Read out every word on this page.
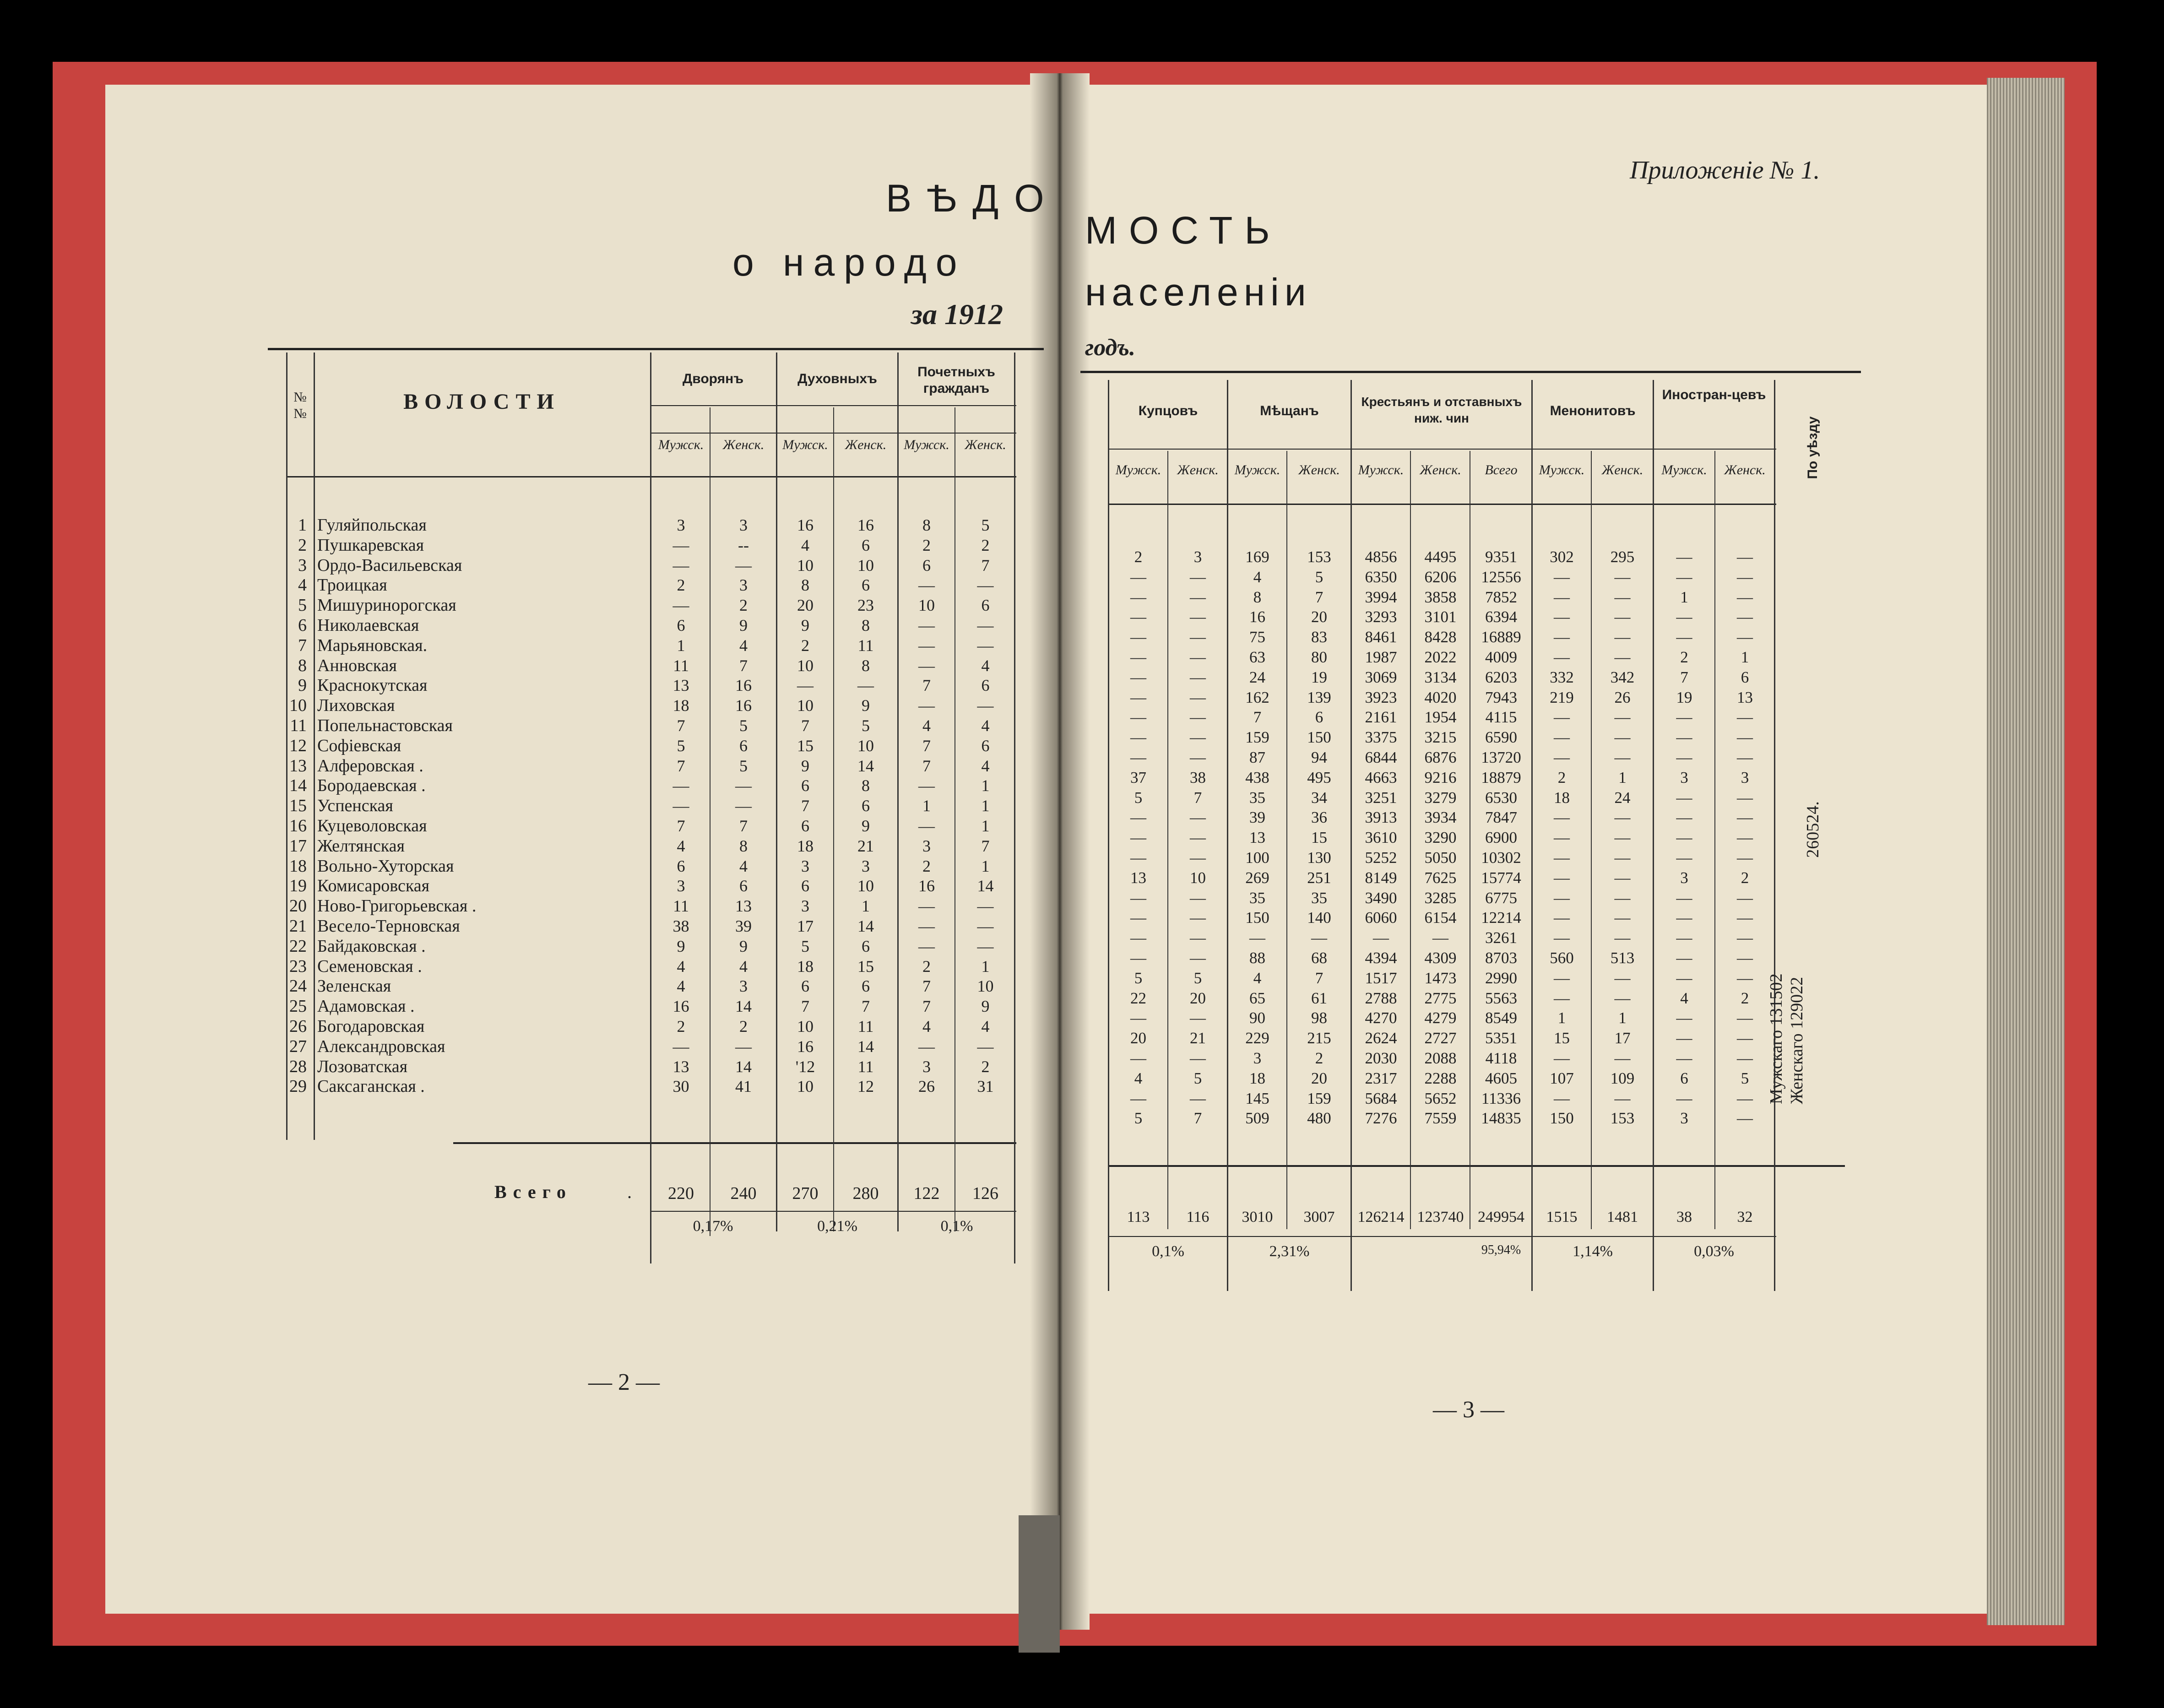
ВѢДО
о народо
за 1912
Приложеніе № 1.
МОСТЬ
населеніи
годъ.
№ №	ВОЛОСТИ
Дворянъ	Духовныхъ	Почетныхъ гражданъ
Мужск.	Женск.	Мужск.	Женск.	Мужск.	Женск.
1 Гуляйпольская	3	3	16	16	8	5
2 Пушкаревская	—	--	4	6	2	2
3 Ордо-Васильевская	—	—	10	10	6	7
4 Троицкая	2	3	8	6	—	—
5 Мишуринорогская	—	2	20	23	10	6
6 Николаевская	6	9	9	8	—	—
7 Марьяновская.	1	4	2	11	—	—
8 Анновская	11	7	10	8	—	4
9 Краснокутская	13	16	—	—	7	6
10 Лиховская	18	16	10	9	—	—
11 Попельнастовская	7	5	7	5	4	4
12 Софіевская	5	6	15	10	7	6
13 Алферовская .	7	5	9	14	7	4
14 Бородаевская .	—	—	6	8	—	1
15 Успенская	—	—	7	6	1	1
16 Куцеволовская	7	7	6	9	—	1
17 Желтянская	4	8	18	21	3	7
18 Вольно-Хуторская	6	4	3	3	2	1
19 Комисаровская	3	6	6	10	16	14
20 Ново-Григорьевская .	11	13	3	1	—	—
21 Весело-Терновская	38	39	17	14	—	—
22 Байдаковская .	9	9	5	6	—	—
23 Семеновская .	4	4	18	15	2	1
24 Зеленская	4	3	6	6	7	10
25 Адамовская .	16	14	7	7	7	9
26 Богодаровская	2	2	10	11	4	4
27 Александровская	—	—	16	14	—	—
28 Лозоватская	13	14	'12	11	3	2
29 Саксаганская .	30	41	10	12	26	31
Всего	.	220	240	270	280	122	126
0,17%	0,21%	0,1%
— 2 —
Купцовъ	Мѣщанъ
Крестьянъ и отставныхъ ниж. чин	Менонитовъ
Иностран-цевъ
По уѣзду
Мужск.	Женск.	Мужск.	Женск.	Мужск.	Женск.	Всего	Мужск.	Женск.	Мужск.	Женск.
2	3	169	153	4856	4495	9351	302	295	—	—
—	—	4	5	6350	6206	12556	—	—	—	—
—	—	8	7	3994	3858	7852	—	—	1	—
—	—	16	20	3293	3101	6394	—	—	—	—
—	—	75	83	8461	8428	16889	—	—	—	—
—	—	63	80	1987	2022	4009	—	—	2	1
—	—	24	19	3069	3134	6203	332	342	7	6
—	—	162	139	3923	4020	7943	219	26	19	13
—	—	7	6	2161	1954	4115	—	—	—	—
—	—	159	150	3375	3215	6590	—	—	—	—
—	—	87	94	6844	6876	13720	—	—	—	—
37	38	438	495	4663	9216	18879	2	1	3	3
5	7	35	34	3251	3279	6530	18	24	—	—
—	—	39	36	3913	3934	7847	—	—	—	—
—	—	13	15	3610	3290	6900	—	—	—	—
—	—	100	130	5252	5050	10302	—	—	—	—
13	10	269	251	8149	7625	15774	—	—	3	2
—	—	35	35	3490	3285	6775	—	—	—	—
—	—	150	140	6060	6154	12214	—	—	—	—
—	—	—	—	—	—	3261	—	—	—	—
—	—	88	68	4394	4309	8703	560	513	—	—
5	5	4	7	1517	1473	2990	—	—	—	—
22	20	65	61	2788	2775	5563	—	—	4	2
—	—	90	98	4270	4279	8549	1	1	—	—
20	21	229	215	2624	2727	5351	15	17	—	—
—	—	3	2	2030	2088	4118	—	—	—	—
4	5	18	20	2317	2288	4605	107	109	6	5
—	—	145	159	5684	5652	11336	—	—	—	—
5	7	509	480	7276	7559	14835	150	153	3	—
260524.
Мужскаго 131502 Женскаго 129022
113	116	3010	3007	126214 123740 249954	1515	1481	38	32
0,1%	2,31%	95,94%	1,14%	0,03%
— 3 —
